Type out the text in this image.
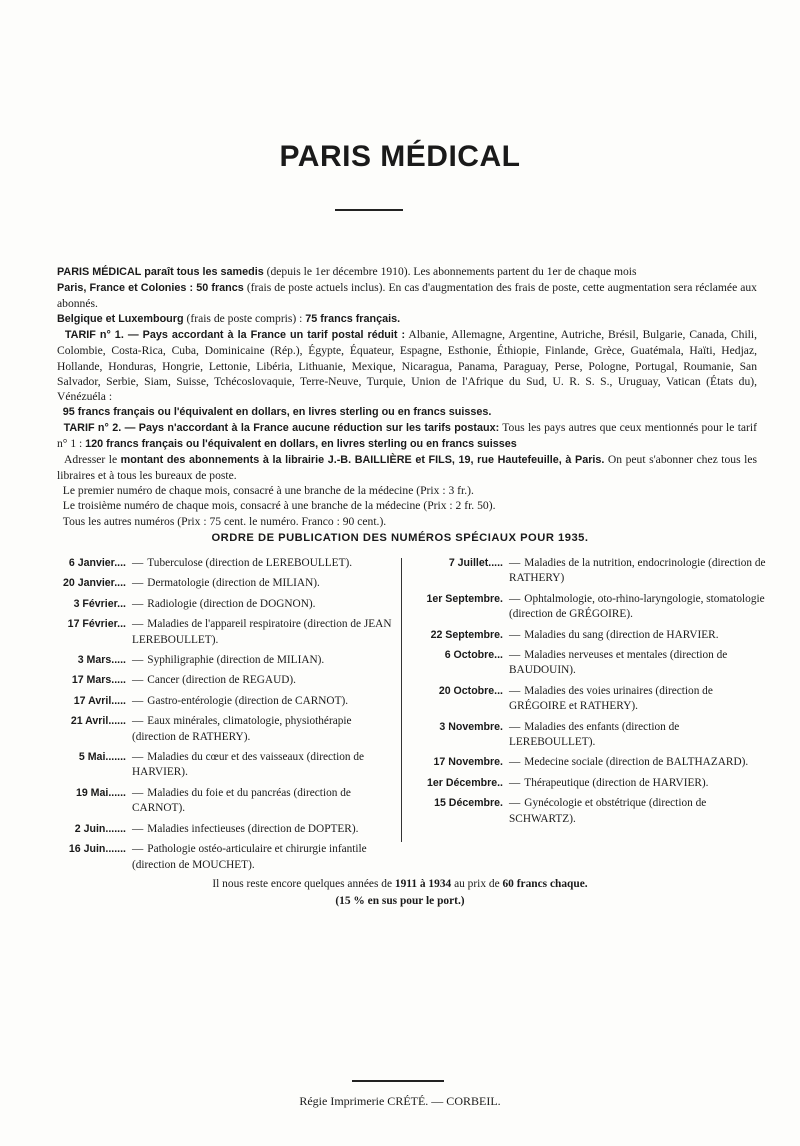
PARIS MÉDICAL

PARIS MÉDICAL paraît tous les samedis (depuis le 1er décembre 1910). Les abonnements partent du 1er de chaque mois

Paris, France et Colonies : 50 francs (frais de poste actuels inclus). En cas d'augmentation des frais de poste, cette augmentation sera réclamée aux abonnés.

Belgique et Luxembourg (frais de poste compris) : 75 francs français.

TARIF n° 1. — Pays accordant à la France un tarif postal réduit : Albanie, Allemagne, Argentine, Autriche, Brésil, Bulgarie, Canada, Chili, Colombie, Costa-Rica, Cuba, Dominicaine (Rép.), Égypte, Équateur, Espagne, Esthonie, Éthiopie, Finlande, Grèce, Guatémala, Haïti, Hedjaz, Hollande, Honduras, Hongrie, Lettonie, Libéria, Lithuanie, Mexique, Nicaragua, Panama, Paraguay, Perse, Pologne, Portugal, Roumanie, San Salvador, Serbie, Siam, Suisse, Tchécoslovaquie, Terre-Neuve, Turquie, Union de l'Afrique du Sud, U. R. S. S., Uruguay, Vatican (États du), Vénézuéla :

95 francs français ou l'équivalent en dollars, en livres sterling ou en francs suisses.

TARIF n° 2. — Pays n'accordant à la France aucune réduction sur les tarifs postaux: Tous les pays autres que ceux mentionnés pour le tarif n° 1 : 120 francs français ou l'équivalent en dollars, en livres sterling ou en francs suisses

Adresser le montant des abonnements à la librairie J.-B. BAILLIÈRE et FILS, 19, rue Hautefeuille, à Paris. On peut s'abonner chez tous les libraires et à tous les bureaux de poste.

Le premier numéro de chaque mois, consacré à une branche de la médecine (Prix : 3 fr.).

Le troisième numéro de chaque mois, consacré à une branche de la médecine (Prix : 2 fr. 50).

Tous les autres numéros (Prix : 75 cent. le numéro. Franco : 90 cent.).

ORDRE DE PUBLICATION DES NUMÉROS SPÉCIAUX POUR 1935.
6 Janvier.... — Tuberculose (direction de LEREBOULLET).
20 Janvier.... — Dermatologie (direction de MILIAN).
3 Février... — Radiologie (direction de DOGNON).
17 Février... — Maladies de l'appareil respiratoire (direction de JEAN LEREBOULLET).
3 Mars..... — Syphiligraphie (direction de MILIAN).
17 Mars..... — Cancer (direction de REGAUD).
17 Avril..... — Gastro-entérologie (direction de CARNOT).
21 Avril...... — Eaux minérales, climatologie, physiothérapie (direction de RATHERY).
5 Mai....... — Maladies du cœur et des vaisseaux (direction de HARVIER).
19 Mai...... — Maladies du foie et du pancréas (direction de CARNOT).
2 Juin....... — Maladies infectieuses (direction de DOPTER).
16 Juin....... — Pathologie ostéo-articulaire et chirurgie infantile (direction de MOUCHET).
7 Juillet..... — Maladies de la nutrition, endocrinologie (direction de RATHERY)
1er Septembre. — Ophtalmologie, oto-rhino-laryngologie, stomatologie (direction de GRÉGOIRE).
22 Septembre. — Maladies du sang (direction de HARVIER.
6 Octobre... — Maladies nerveuses et mentales (direction de BAUDOUIN).
20 Octobre... — Maladies des voies urinaires (direction de GRÉGOIRE et RATHERY).
3 Novembre. — Maladies des enfants (direction de LEREBOULLET).
17 Novembre. — Medecine sociale (direction de BALTHAZARD).
1er Décembre.. — Thérapeutique (direction de HARVIER).
15 Décembre. — Gynécologie et obstétrique (direction de SCHWARTZ).
Il nous reste encore quelques années de 1911 à 1934 au prix de 60 francs chaque.
(15 % en sus pour le port.)
Régie Imprimerie CRÉTÉ. — CORBEIL.
